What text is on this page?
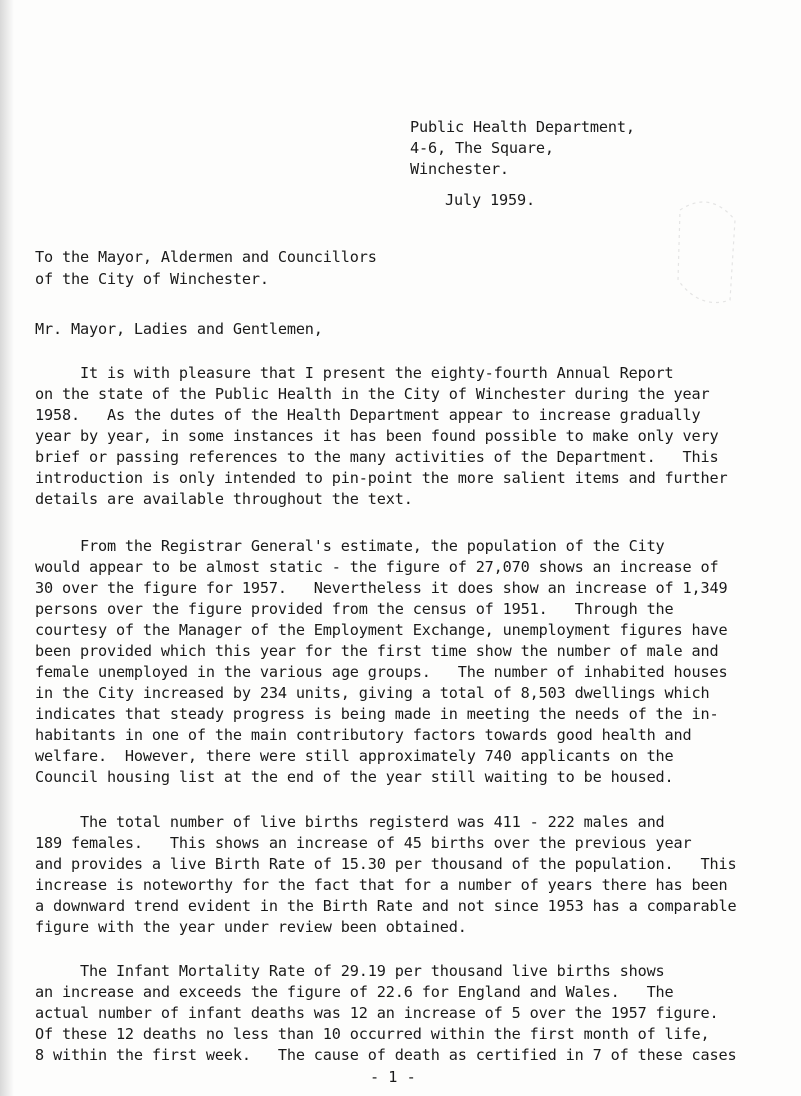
Public Health Department,
4-6, The Square,
Winchester.
July 1959.
To the Mayor, Aldermen and Councillors
of the City of Winchester.
Mr. Mayor, Ladies and Gentlemen,
It is with pleasure that I present the eighty-fourth Annual Report
on the state of the Public Health in the City of Winchester during the year
1958.   As the dutes of the Health Department appear to increase gradually
year by year, in some instances it has been found possible to make only very
brief or passing references to the many activities of the Department.   This
introduction is only intended to pin-point the more salient items and further
details are available throughout the text.
From the Registrar General's estimate, the population of the City
would appear to be almost static - the figure of 27,070 shows an increase of
30 over the figure for 1957.   Nevertheless it does show an increase of 1,349
persons over the figure provided from the census of 1951.   Through the
courtesy of the Manager of the Employment Exchange, unemployment figures have
been provided which this year for the first time show the number of male and
female unemployed in the various age groups.   The number of inhabited houses
in the City increased by 234 units, giving a total of 8,503 dwellings which
indicates that steady progress is being made in meeting the needs of the in-
habitants in one of the main contributory factors towards good health and
welfare.  However, there were still approximately 740 applicants on the
Council housing list at the end of the year still waiting to be housed.
The total number of live births registerd was 411 - 222 males and
189 females.   This shows an increase of 45 births over the previous year
and provides a live Birth Rate of 15.30 per thousand of the population.   This
increase is noteworthy for the fact that for a number of years there has been
a downward trend evident in the Birth Rate and not since 1953 has a comparable
figure with the year under review been obtained.
The Infant Mortality Rate of 29.19 per thousand live births shows
an increase and exceeds the figure of 22.6 for England and Wales.   The
actual number of infant deaths was 12 an increase of 5 over the 1957 figure.
Of these 12 deaths no less than 10 occurred within the first month of life,
8 within the first week.   The cause of death as certified in 7 of these cases
- 1 -
